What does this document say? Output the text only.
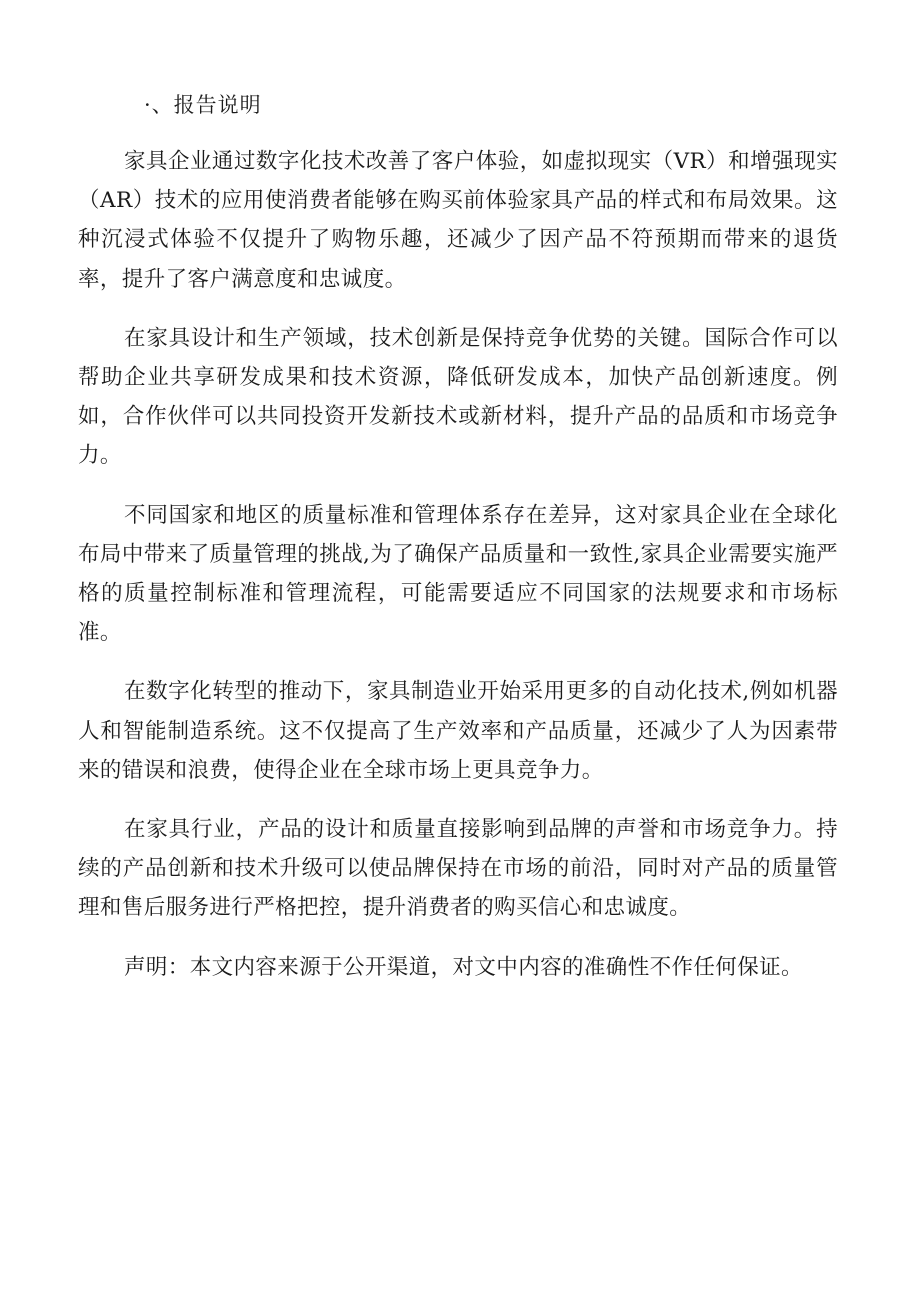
·、报告说明

家具企业通过数字化技术改善了客户体验，如虚拟现实（VR）和增强现实（AR）技术的应用使消费者能够在购买前体验家具产品的样式和布局效果。这种沉浸式体验不仅提升了购物乐趣，还减少了因产品不符预期而带来的退货率，提升了客户满意度和忠诚度。

在家具设计和生产领域，技术创新是保持竞争优势的关键。国际合作可以帮助企业共享研发成果和技术资源，降低研发成本，加快产品创新速度。例如，合作伙伴可以共同投资开发新技术或新材料，提升产品的品质和市场竞争力。

不同国家和地区的质量标准和管理体系存在差异，这对家具企业在全球化布局中带来了质量管理的挑战,为了确保产品质量和一致性,家具企业需要实施严格的质量控制标准和管理流程，可能需要适应不同国家的法规要求和市场标准。

在数字化转型的推动下，家具制造业开始采用更多的自动化技术,例如机器人和智能制造系统。这不仅提高了生产效率和产品质量，还减少了人为因素带来的错误和浪费，使得企业在全球市场上更具竞争力。

在家具行业，产品的设计和质量直接影响到品牌的声誉和市场竞争力。持续的产品创新和技术升级可以使品牌保持在市场的前沿，同时对产品的质量管理和售后服务进行严格把控，提升消费者的购买信心和忠诚度。

声明：本文内容来源于公开渠道，对文中内容的准确性不作任何保证。
